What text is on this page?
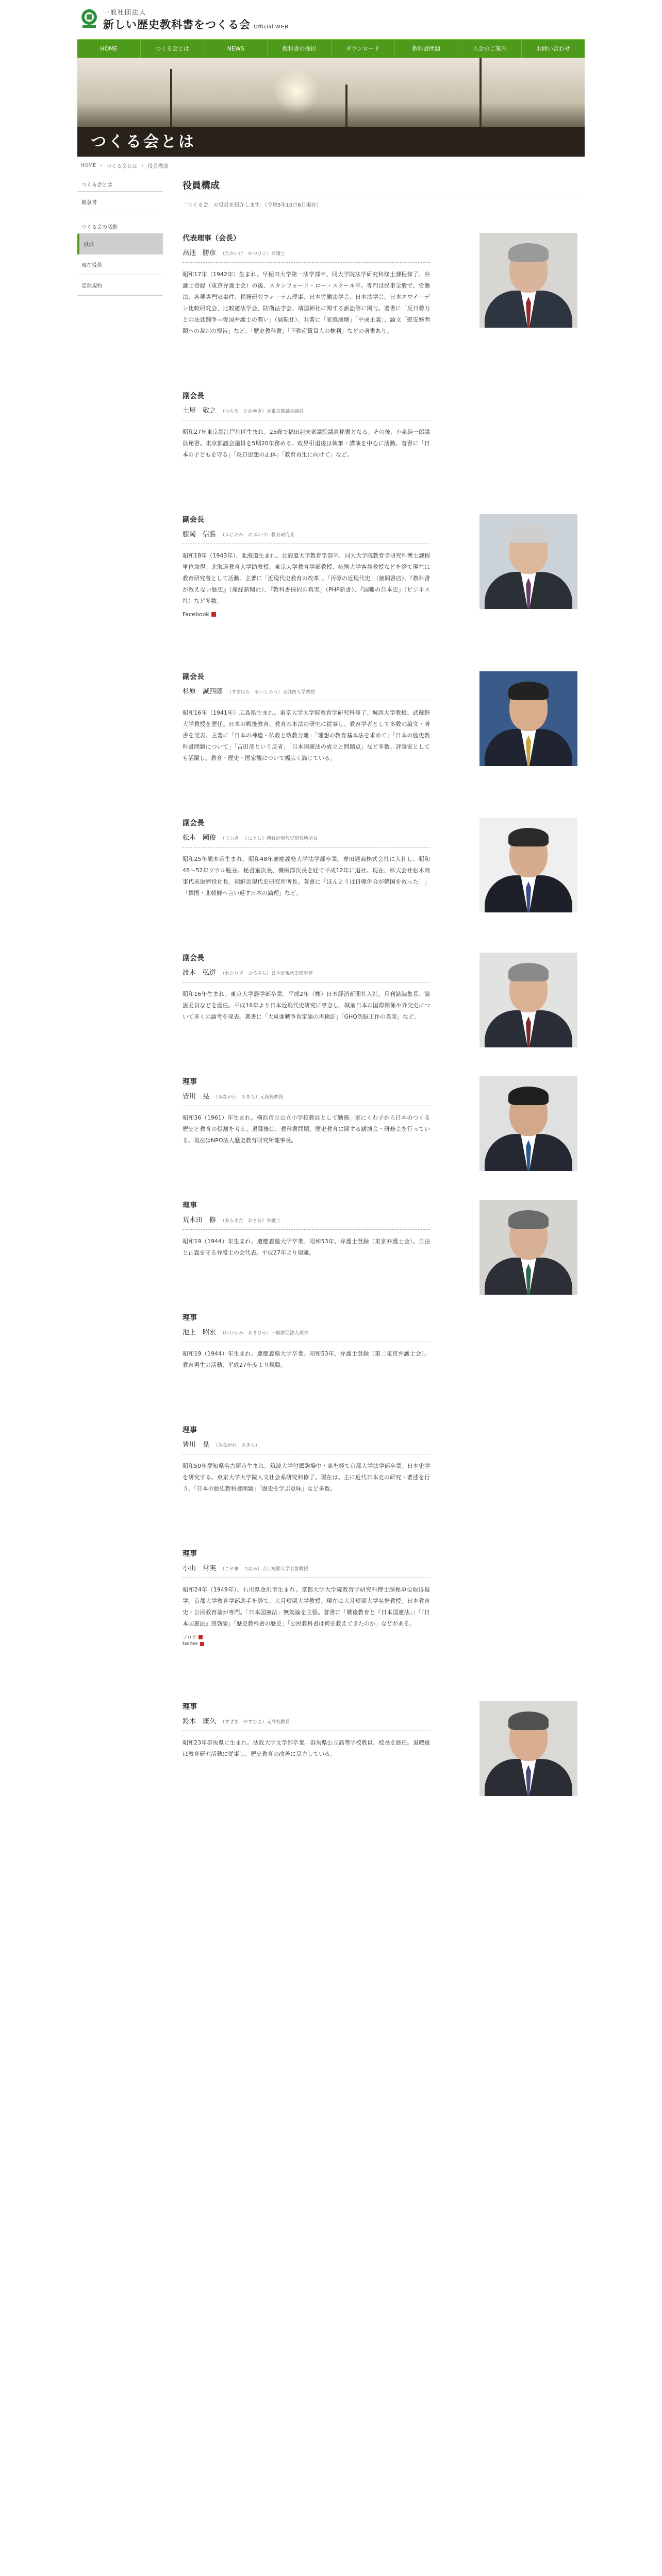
一般社団法人
新しい歴史教科書をつくる会 Official WEB
HOME	つくる会とは	NEWS	教科書の採択	ダウンロード	教科書問題	入会のご案内	お問い合わせ
つくる会とは
HOME › つくる会とは › 役員構成
つくる会とは
趣意書
つくる会の活動
役員
現在役員
定款規約
役員構成
「つくる会」の役員を紹介します。（令和5年10月6日現在）
代表理事（会長）
高池　勝彦 （たかいけ　かつひこ）弁護士
昭和17年（1942年）生まれ。早稲田大学第一法学部卒、同大学院法学研究科修士課程修了。弁護士登録（東京弁護士会）の後、スタンフォード・ロー・スクール卒。専門は民事全般で、労働法、各種専門家事件、税務研究フォーラム理事、日本労働法学会、日本法学会、日本スワイーデン比較研究会、比較憲法学会、防衛法学会、靖国神社に関する訴訟等に関与。著書に「反日勢力との法廷闘争―愛国弁護士の闘い」（展転社）、共著に「家庭崩壊」「平成主義」、論文「慰安婦問題への裁判の報告」など。「歴史教科書」「不動産賃貸人の権利」などの著書あり。
副会長
土屋　敬之 （つちや　たかゆき）元東京都議会議員
昭和27年東京都江戸川区生まれ。25歳で福田赳夫衆議院議員秘書となる。その後、小泉純一郎議員秘書。東京都議会議員を5期20年務める。政界引退後は執筆・講演を中心に活動。著書に「日本の子どもを守る」「反日思想の正体」「教育再生に向けて」など。
副会長
藤岡　信勝 （ふじおか　のぶかつ）教育研究者
昭和18年（1943年）、北海道生まれ。北海道大学教育学部卒、同大大学院教育学研究科博士課程単位取得。北海道教育大学助教授、東京大学教育学部教授、拓殖大学客員教授などを経て現在は教育研究者として活動。主著に「近現代史教育の改革」、「汚辱の近現代史」（徳間書店）、『教科書が教えない歴史』（産経新聞社）、『教科書採択の真実』（PHP新書）、『国難の日本史』（ビジネス社）など多数。
Facebook
副会長
杉原　誠四郎 （すぎはら　せいしろう）元城西大学教授
昭和16年（1941年）広島県生まれ。東京大学大学院教育学研究科修了。城西大学教授、武蔵野大学教授を歴任。日本の戦後教育、教育基本法の研究に従事し、教育学者として多数の論文・著書を発表。主著に「日本の神道・仏教と政教分離」「理想の教育基本法を求めて」「日本の歴史教科書問題について」「吉田茂という反省」「日本国憲法の成立と問題点」など多数。評論家としても活躍し、教育・歴史・国家観について幅広く論じている。
副会長
松木　國俊 （まつき　くにとし）朝鮮近現代史研究所所長
昭和25年熊本県生まれ。昭和48年慶應義塾大学法学部卒業。豊田通商株式会社に入社し、昭和48〜52年ソウル駐在。秘書室次長、機械部次長を経て平成12年に退社。現在、株式会社松木商事代表取締役社長。朝鮮近現代史研究所所長。著書に「ほんとうは日韓併合が韓国を救った！」「韓国・北朝鮮へ言い返す日本の論理」など。
副会長
渡木　弘道 （わたりぎ　ひろみち）日本近現代史研究者
昭和16年生まれ。東京大学農学部卒業。平成2年（株）日本経済新聞社入社。月刊誌編集長、論説委員などを歴任。平成16年より日本近現代史研究に専念し、戦前日本の国際関係や外交史について多くの論考を発表。著書に「大東亜戦争肯定論の再検証」「GHQ洗脳工作の真実」など。
理事
皆川　晃 （みながわ　あきら）元高校教員
昭和36（1961）年生まれ。横浜市立公立小学校教員として勤務。家にくわ子から日本のつくる歴史と教育の役割を考え、退職後は、教科書問題、歴史教育に関する講演会・研修会を行っている。現在はNPO法人歴史教育研究所理事長。
理事
荒木田　修 （あらきだ　おさむ）弁護士
昭和19（1944）年生まれ。慶應義塾大学卒業、昭和53年、弁護士登録（東京弁護士会）。自由と正義を守る弁護士の会代表。平成27年より現職。
理事
池上　昭宏 （いけがみ　あきひろ）一般財団法人理事
昭和19（1944）年生まれ。慶應義塾大学卒業。昭和53年、弁護士登録（第二東京弁護士会）。教育再生の活動、平成27年度より現職。
理事
皆川　晃 （みながわ　あきら）
昭和50年愛知県名古屋市生まれ。筑波大学付属駒場中・高を経て京都大学法学部卒業。日本史学を研究する。東京大学大学院人文社会系研究科修了。現在は、主に近代日本史の研究・著述を行う。「日本の歴史教科書問題」「歴史を学ぶ意味」など多数。
理事
小山　常実 （こやま　つねみ）大月短期大学名誉教授
昭和24年（1949年）、石川県金沢市生まれ。京都大学大学院教育学研究科博士課程単位取得退学。京都大学教育学部助手を経て、大月短期大学教授。現在は大月短期大学名誉教授。日本教育史・公民教育論が専門。「日本国憲法」無効論を主張。著書に「戦後教育と『日本国憲法』」「『日本国憲法』無効論」「歴史教科書の歴史」「公民教科書は何を教えてきたのか」などがある。
ブログ
twitter
理事
鈴木　康久 （すずき　やすひさ）元高校教員
昭和23年群馬県に生まれ。法政大学文学部卒業。群馬県公立高等学校教員、校長を歴任。退職後は教育研究活動に従事し、歴史教育の改善に尽力している。
